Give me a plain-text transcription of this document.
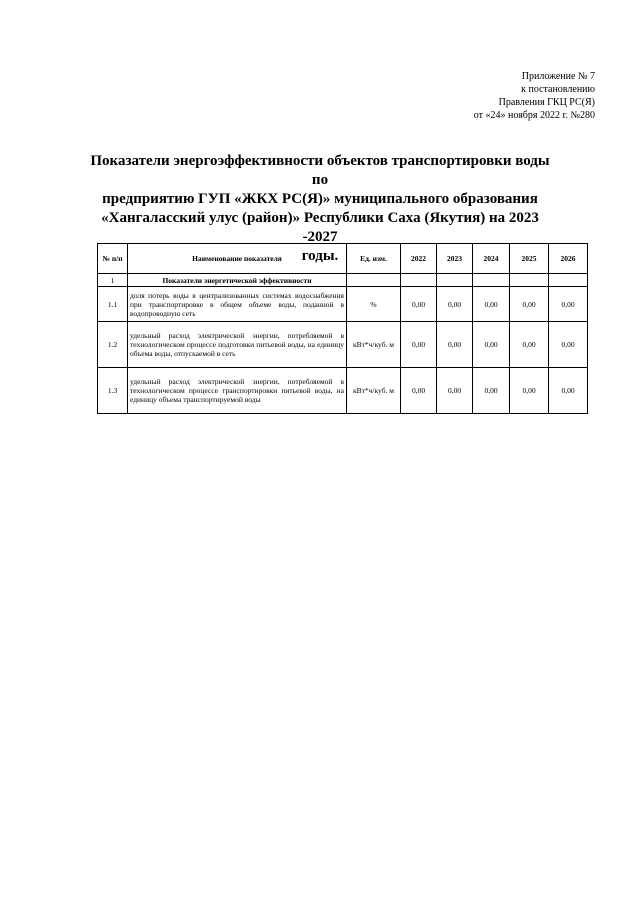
Приложение № 7
к постановлению
Правления ГКЦ РС(Я)
от «24» ноября 2022 г. №280
Показатели энергоэффективности объектов транспортировки воды по
предприятию ГУП «ЖКХ РС(Я)» муниципального образования
«Хангаласский улус (район)» Республики Саха (Якутия) на 2023 -2027
годы.
№ п/п	Наименование показателя	Ед. изм.	2022	2023	2024	2025	2026
1	Показатели энергетической эффективности						
1.1	доля потерь воды в централизованных системах водоснабжения при транспортировке в общем объеме воды, поданной в водопроводную сеть	%	0,00	0,00	0,00	0,00	0,00
1.2	удельный расход электрической энергии, потребляемой в технологическом процессе подготовки питьевой воды, на единицу объема воды, отпускаемой в сеть	кВт*ч/куб. м	0,00	0,00	0,00	0,00	0,00
1.3	удельный расход электрической энергии, потребляемой в технологическом процессе транспортировки питьевой воды, на единицу объема транспортируемой воды	кВт*ч/куб. м	0,00	0,00	0,00	0,00	0,00
